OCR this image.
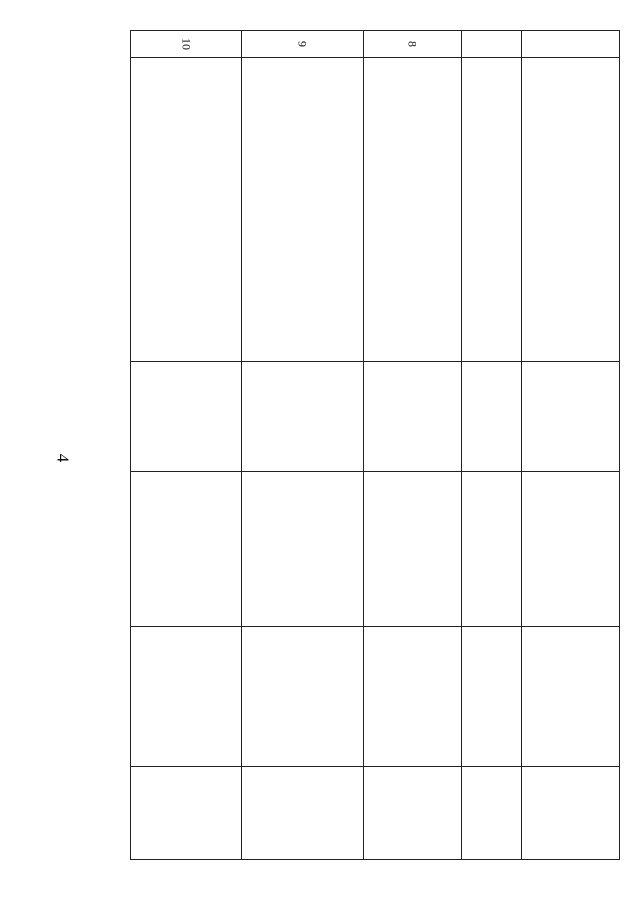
4
8
9
10
